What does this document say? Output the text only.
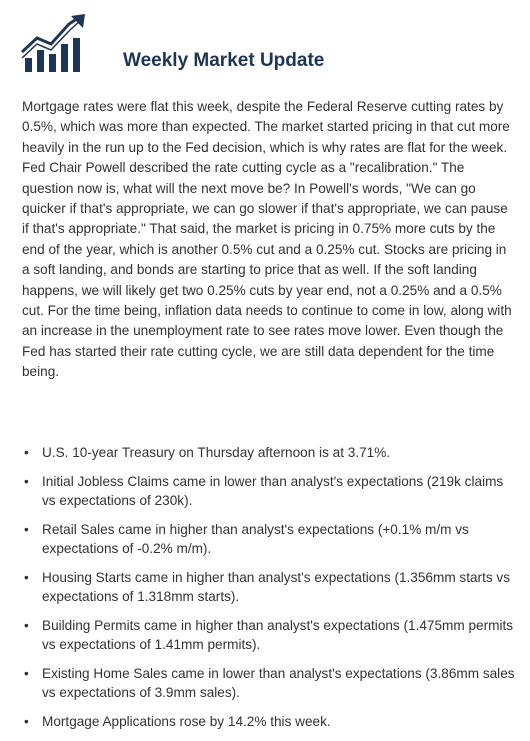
Weekly Market Update

Mortgage rates were flat this week, despite the Federal Reserve cutting rates by 0.5%, which was more than expected. The market started pricing in that cut more heavily in the run up to the Fed decision, which is why rates are flat for the week. Fed Chair Powell described the rate cutting cycle as a "recalibration." The question now is, what will the next move be? In Powell's words, "We can go quicker if that's appropriate, we can go slower if that's appropriate, we can pause if that's appropriate." That said, the market is pricing in 0.75% more cuts by the end of the year, which is another 0.5% cut and a 0.25% cut. Stocks are pricing in a soft landing, and bonds are starting to price that as well. If the soft landing happens, we will likely get two 0.25% cuts by year end, not a 0.25% and a 0.5% cut. For the time being, inflation data needs to continue to come in low, along with an increase in the unemployment rate to see rates move lower. Even though the Fed has started their rate cutting cycle, we are still data dependent for the time being.

• U.S. 10-year Treasury on Thursday afternoon is at 3.71%.
• Initial Jobless Claims came in lower than analyst's expectations (219k claims vs expectations of 230k).
• Retail Sales came in higher than analyst's expectations (+0.1% m/m vs expectations of -0.2% m/m).
• Housing Starts came in higher than analyst's expectations (1.356mm starts vs expectations of 1.318mm starts).
• Building Permits came in higher than analyst's expectations (1.475mm permits vs expectations of 1.41mm permits).
• Existing Home Sales came in lower than analyst's expectations (3.86mm sales vs expectations of 3.9mm sales).
• Mortgage Applications rose by 14.2% this week.
